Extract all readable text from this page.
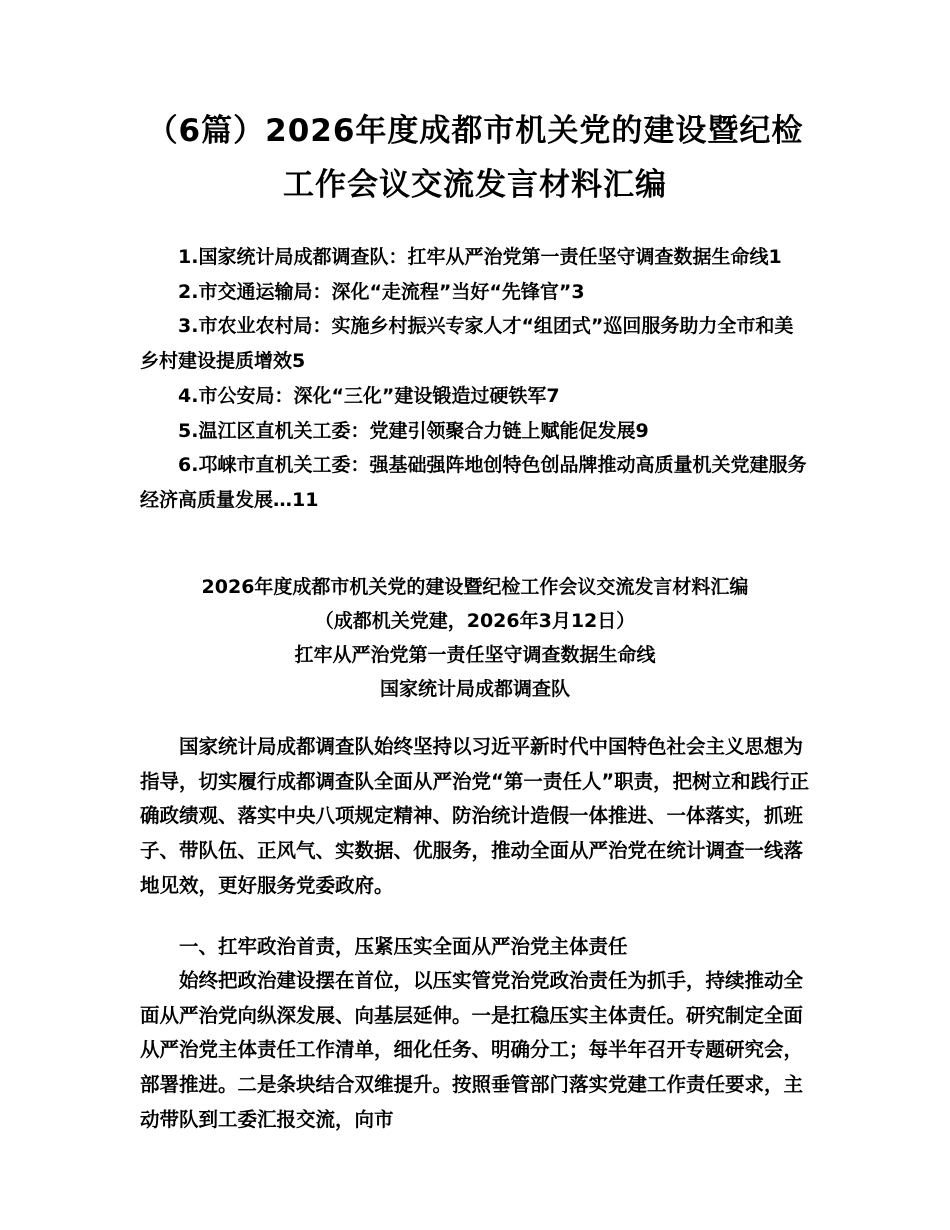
（6篇）2026年度成都市机关党的建设暨纪检工作会议交流发言材料汇编
1.国家统计局成都调查队：扛牢从严治党第一责任坚守调查数据生命线1
2.市交通运输局：深化“走流程”当好“先锋官”3
3.市农业农村局：实施乡村振兴专家人才“组团式”巡回服务助力全市和美乡村建设提质增效5
4.市公安局：深化“三化”建设锻造过硬铁军7
5.温江区直机关工委：党建引领聚合力链上赋能促发展9
6.邛崃市直机关工委：强基础强阵地创特色创品牌推动高质量机关党建服务经济高质量发展…11
2026年度成都市机关党的建设暨纪检工作会议交流发言材料汇编
（成都机关党建，2026年3月12日）
扛牢从严治党第一责任坚守调查数据生命线
国家统计局成都调查队
国家统计局成都调查队始终坚持以习近平新时代中国特色社会主义思想为指导，切实履行成都调查队全面从严治党“第一责任人”职责，把树立和践行正确政绩观、落实中央八项规定精神、防治统计造假一体推进、一体落实，抓班子、带队伍、正风气、实数据、优服务，推动全面从严治党在统计调查一线落地见效，更好服务党委政府。
一、扛牢政治首责，压紧压实全面从严治党主体责任
始终把政治建设摆在首位，以压实管党治党政治责任为抓手，持续推动全面从严治党向纵深发展、向基层延伸。一是扛稳压实主体责任。研究制定全面从严治党主体责任工作清单，细化任务、明确分工；每半年召开专题研究会，部署推进。二是条块结合双维提升。按照垂管部门落实党建工作责任要求，主动带队到工委汇报交流，向市
